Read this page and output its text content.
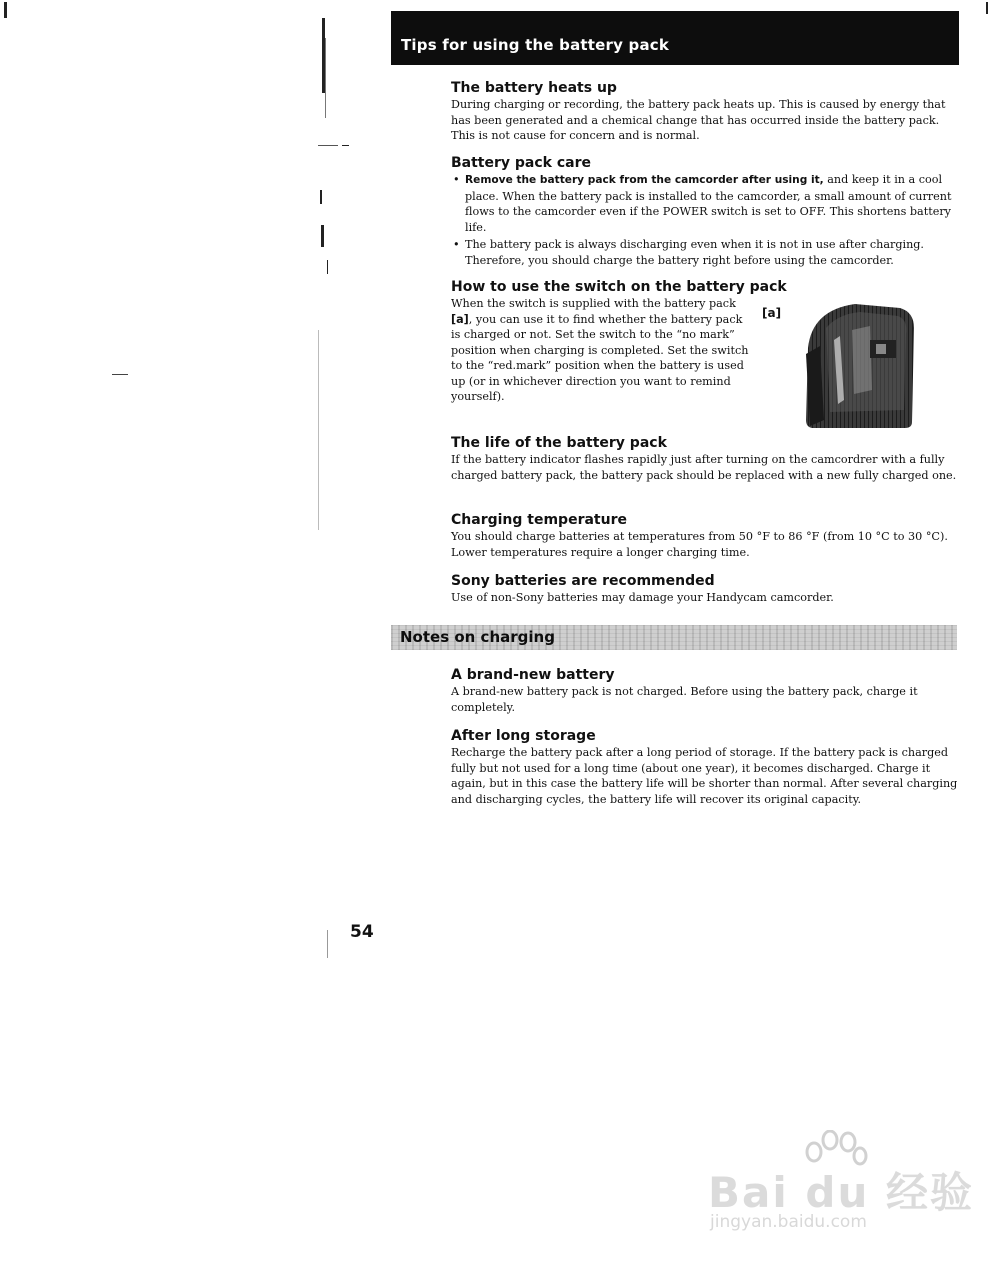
Tips for using the battery pack
The battery heats up

During charging or recording, the battery pack heats up. This is caused by energy that has been generated and a chemical change that has occurred inside the battery pack. This is not cause for concern and is normal.

Battery pack care
• Remove the battery pack from the camcorder after using it, and keep it in a cool place. When the battery pack is installed to the camcorder, a small amount of current flows to the camcorder even if the POWER switch is set to OFF. This shortens battery life.
• The battery pack is always discharging even when it is not in use after charging. Therefore, you should charge the battery right before using the camcorder.
How to use the switch on the battery pack

When the switch is supplied with the battery pack [a], you can use it to find whether the battery pack is charged or not. Set the switch to the “no mark” position when charging is completed. Set the switch to the “red.mark” position when the battery is used up (or in whichever direction you want to remind yourself).

[a]
The life of the battery pack

If the battery indicator flashes rapidly just after turning on the camcordrer with a fully charged battery pack, the battery pack should be replaced with a new fully charged one.

Charging temperature

You should charge batteries at temperatures from 50 °F to 86 °F (from 10 °C to 30 °C). Lower temperatures require a longer charging time.

Sony batteries are recommended

Use of non-Sony batteries may damage your Handycam camcorder.

Notes on charging
A brand-new battery

A brand-new battery pack is not charged. Before using the battery pack, charge it completely.

After long storage

Recharge the battery pack after a long period of storage. If the battery pack is charged fully but not used for a long time (about one year), it becomes discharged. Charge it again, but in this case the battery life will be shorter than normal. After several charging and discharging cycles, the battery life will recover its original capacity.

54
Bai du 经验
jingyan.baidu.com
